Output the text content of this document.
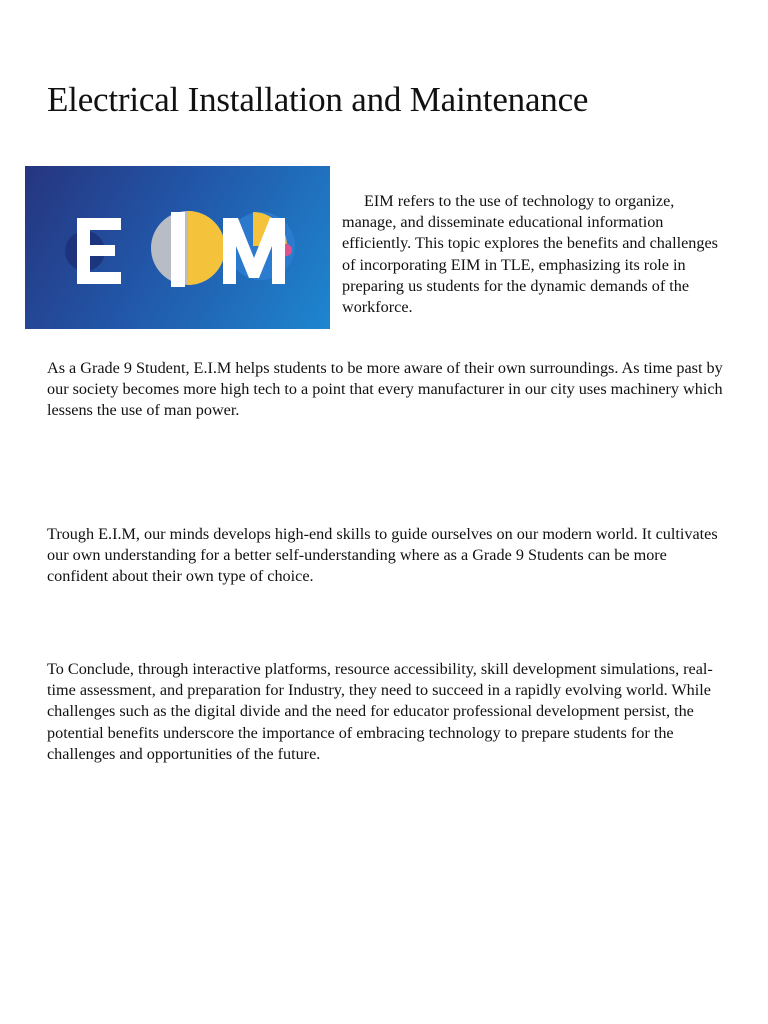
Electrical Installation and Maintenance

EIM refers to the use of technology to organize, manage, and disseminate educational information efficiently. This topic explores the benefits and challenges of incorporating EIM in TLE, emphasizing its role in preparing us students for the dynamic demands of the workforce.

As a Grade 9 Student, E.I.M helps students to be more aware of their own surroundings. As time past by our society becomes more high tech to a point that every manufacturer in our city uses machinery which lessens the use of man power.

Trough E.I.M, our minds develops high-end skills to guide ourselves on our modern world. It cultivates our own understanding for a better self-understanding where as a Grade 9 Students can be more confident about their own type of choice.

To Conclude, through interactive platforms, resource accessibility, skill development simulations, real-time assessment, and preparation for Industry, they need to succeed in a rapidly evolving world. While challenges such as the digital divide and the need for educator professional development persist, the potential benefits underscore the importance of embracing technology to prepare students for the challenges and opportunities of the future.
